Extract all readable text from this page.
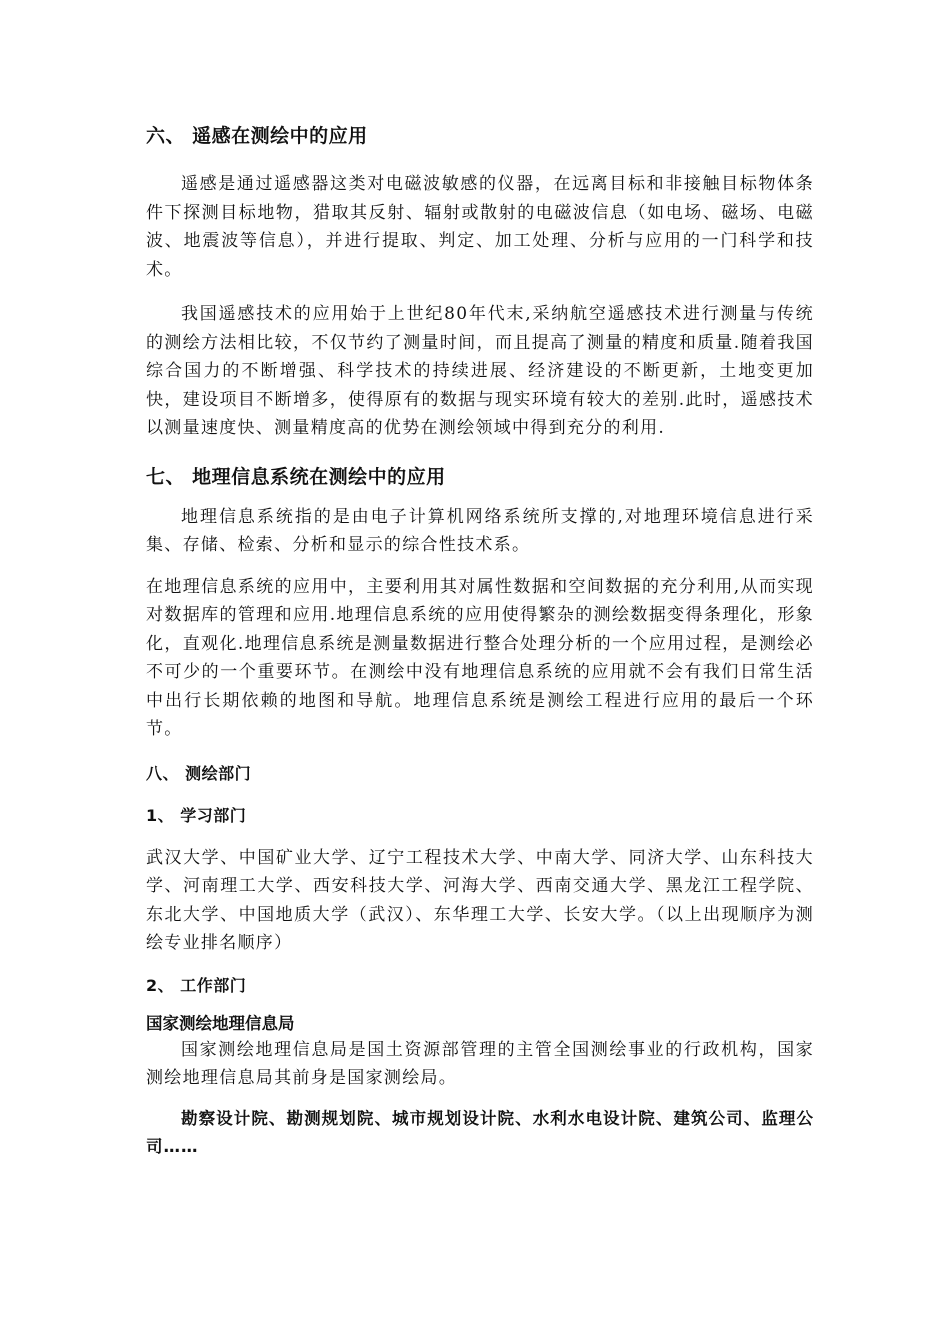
六、 遥感在测绘中的应用

遥感是通过遥感器这类对电磁波敏感的仪器，在远离目标和非接触目标物体条件下探测目标地物，猎取其反射、辐射或散射的电磁波信息（如电场、磁场、电磁波、地震波等信息），并进行提取、判定、加工处理、分析与应用的一门科学和技术。

我国遥感技术的应用始于上世纪80年代末,采纳航空遥感技术进行测量与传统的测绘方法相比较，不仅节约了测量时间，而且提高了测量的精度和质量.随着我国综合国力的不断增强、科学技术的持续进展、经济建设的不断更新，土地变更加快，建设项目不断增多，使得原有的数据与现实环境有较大的差别.此时，遥感技术以测量速度快、测量精度高的优势在测绘领域中得到充分的利用.

七、 地理信息系统在测绘中的应用

地理信息系统指的是由电子计算机网络系统所支撑的,对地理环境信息进行采集、存储、检索、分析和显示的综合性技术系。

在地理信息系统的应用中，主要利用其对属性数据和空间数据的充分利用,从而实现对数据库的管理和应用.地理信息系统的应用使得繁杂的测绘数据变得条理化，形象化，直观化.地理信息系统是测量数据进行整合处理分析的一个应用过程，是测绘必不可少的一个重要环节。在测绘中没有地理信息系统的应用就不会有我们日常生活中出行长期依赖的地图和导航。地理信息系统是测绘工程进行应用的最后一个环节。

八、 测绘部门
1、 学习部门

武汉大学、中国矿业大学、辽宁工程技术大学、中南大学、同济大学、山东科技大学、河南理工大学、西安科技大学、河海大学、西南交通大学、黑龙江工程学院、东北大学、中国地质大学（武汉）、东华理工大学、长安大学。（以上出现顺序为测绘专业排名顺序）

2、 工作部门
国家测绘地理信息局

国家测绘地理信息局是国土资源部管理的主管全国测绘事业的行政机构，国家测绘地理信息局其前身是国家测绘局。

勘察设计院、勘测规划院、城市规划设计院、水利水电设计院、建筑公司、监理公司……
